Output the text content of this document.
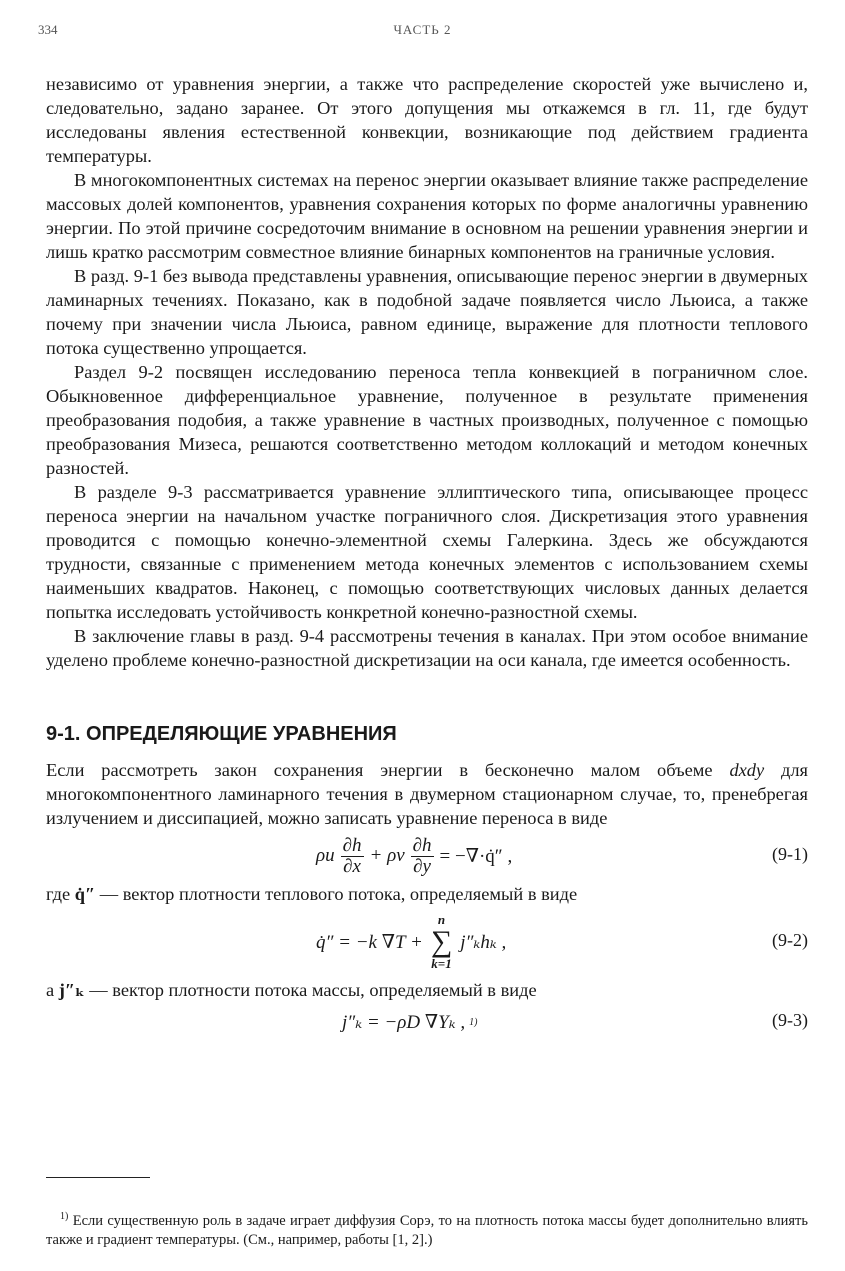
334	ЧАСТЬ 2

независимо от уравнения энергии, а также что распределение скоростей уже вычислено и, следовательно, задано заранее. От этого допущения мы откажемся в гл. 11, где будут исследованы явления естественной конвекции, возникающие под действием градиента температуры.

В многокомпонентных системах на перенос энергии оказывает влияние также распределение массовых долей компонентов, уравнения сохранения которых по форме аналогичны уравнению энергии. По этой причине сосредоточим внимание в основном на решении уравнения энергии и лишь кратко рассмотрим совместное влияние бинарных компонентов на граничные условия.

В разд. 9-1 без вывода представлены уравнения, описывающие перенос энергии в двумерных ламинарных течениях. Показано, как в подобной задаче появляется число Льюиса, а также почему при значении числа Льюиса, равном единице, выражение для плотности теплового потока существенно упрощается.

Раздел 9-2 посвящен исследованию переноса тепла конвекцией в пограничном слое. Обыкновенное дифференциальное уравнение, полученное в результате применения преобразования подобия, а также уравнение в частных производных, полученное с помощью преобразования Мизеса, решаются соответственно методом коллокаций и методом конечных разностей.

В разделе 9-3 рассматривается уравнение эллиптического типа, описывающее процесс переноса энергии на начальном участке пограничного слоя. Дискретизация этого уравнения проводится с помощью конечно-элементной схемы Галеркина. Здесь же обсуждаются трудности, связанные с применением метода конечных элементов с использованием схемы наименьших квадратов. Наконец, с помощью соответствующих числовых данных делается попытка исследовать устойчивость конкретной конечно-разностной схемы.

В заключение главы в разд. 9-4 рассмотрены течения в каналах. При этом особое внимание уделено проблеме конечно-разностной дискретизации на оси канала, где имеется особенность.

9-1. ОПРЕДЕЛЯЮЩИЕ УРАВНЕНИЯ

Если рассмотреть закон сохранения энергии в бесконечно малом объеме dxdy для многокомпонентного ламинарного течения в двумерном стационарном случае, то, пренебрегая излучением и диссипацией, можно записать уравнение переноса в виде

ρu $\frac{\partial h}{\partial x} + \rho v \frac{\partial h}{\partial y}$ = −∇·q̇″ ,	(9-1)

где q̇″ — вектор плотности теплового потока, определяемый в виде

q̇″ = −k ∇T +
n
∑
k=1
j″ₖhₖ ,	(9-2)

а j″ₖ — вектор плотности потока массы, определяемый в виде

j″ₖ = −ρD ∇Yₖ , 1)	(9-3)

$^{1)}$ Если существенную роль в задаче играет диффузия Сорэ, то на плотность потока массы будет дополнительно влиять также и градиент температуры. (См., например, работы [1, 2].)
